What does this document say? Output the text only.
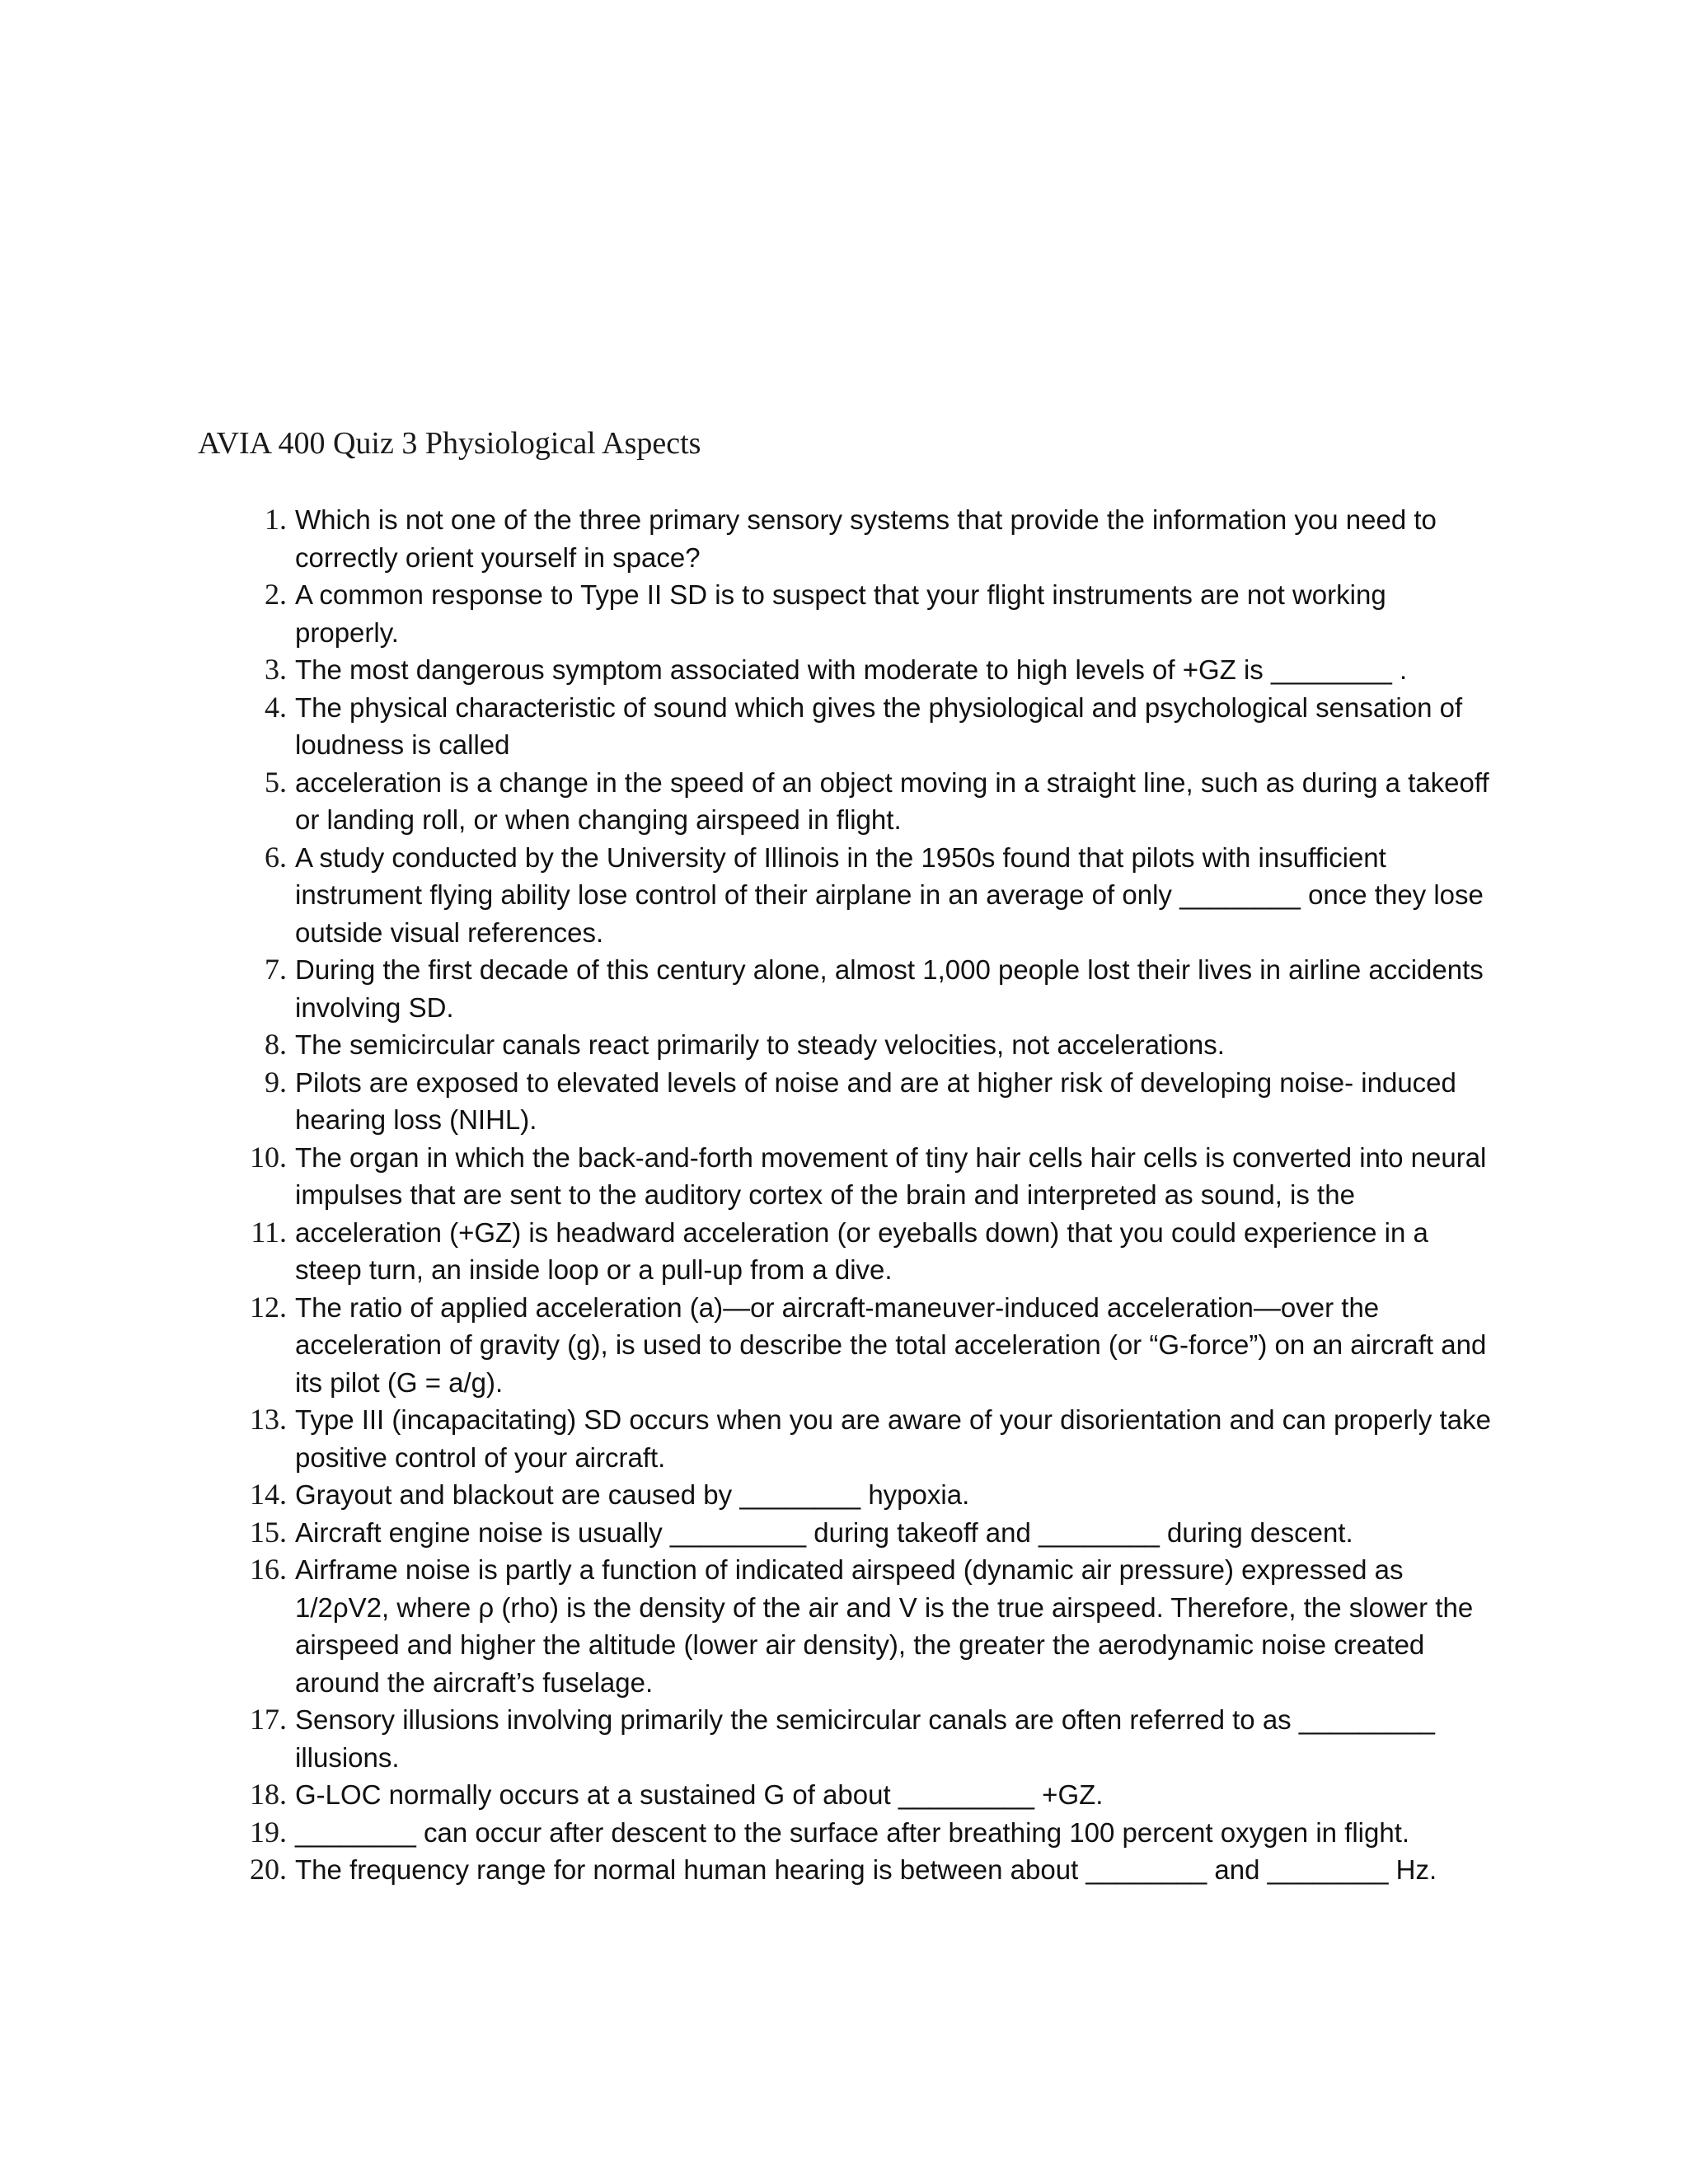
AVIA 400 Quiz 3 Physiological Aspects
1. Which is not one of the three primary sensory systems that provide the information you need to correctly orient yourself in space?
2. A common response to Type II SD is to suspect that your flight instruments are not working properly.
3. The most dangerous symptom associated with moderate to high levels of +GZ is ________ .
4. The physical characteristic of sound which gives the physiological and psychological sensation of loudness is called
5. acceleration is a change in the speed of an object moving in a straight line, such as during a takeoff or landing roll, or when changing airspeed in flight.
6. A study conducted by the University of Illinois in the 1950s found that pilots with insufficient instrument flying ability lose control of their airplane in an average of only ________ once they lose outside visual references.
7. During the first decade of this century alone, almost 1,000 people lost their lives in airline accidents involving SD.
8. The semicircular canals react primarily to steady velocities, not accelerations.
9. Pilots are exposed to elevated levels of noise and are at higher risk of developing noise- induced hearing loss (NIHL).
10. The organ in which the back-and-forth movement of tiny hair cells hair cells is converted into neural impulses that are sent to the auditory cortex of the brain and interpreted as sound, is the
11. acceleration (+GZ) is headward acceleration (or eyeballs down) that you could experience in a steep turn, an inside loop or a pull-up from a dive.
12. The ratio of applied acceleration (a)—or aircraft-maneuver-induced acceleration—over the acceleration of gravity (g), is used to describe the total acceleration (or “G-force”) on an aircraft and its pilot (G = a/g).
13. Type III (incapacitating) SD occurs when you are aware of your disorientation and can properly take positive control of your aircraft.
14. Grayout and blackout are caused by ________ hypoxia.
15. Aircraft engine noise is usually _________ during takeoff and ________ during descent.
16. Airframe noise is partly a function of indicated airspeed (dynamic air pressure) expressed as 1/2ρV2, where ρ (rho) is the density of the air and V is the true airspeed. Therefore, the slower the airspeed and higher the altitude (lower air density), the greater the aerodynamic noise created around the aircraft’s fuselage.
17. Sensory illusions involving primarily the semicircular canals are often referred to as _________ illusions.
18. G-LOC normally occurs at a sustained G of about _________ +GZ.
19. ________ can occur after descent to the surface after breathing 100 percent oxygen in flight.
20. The frequency range for normal human hearing is between about ________ and ________ Hz.
